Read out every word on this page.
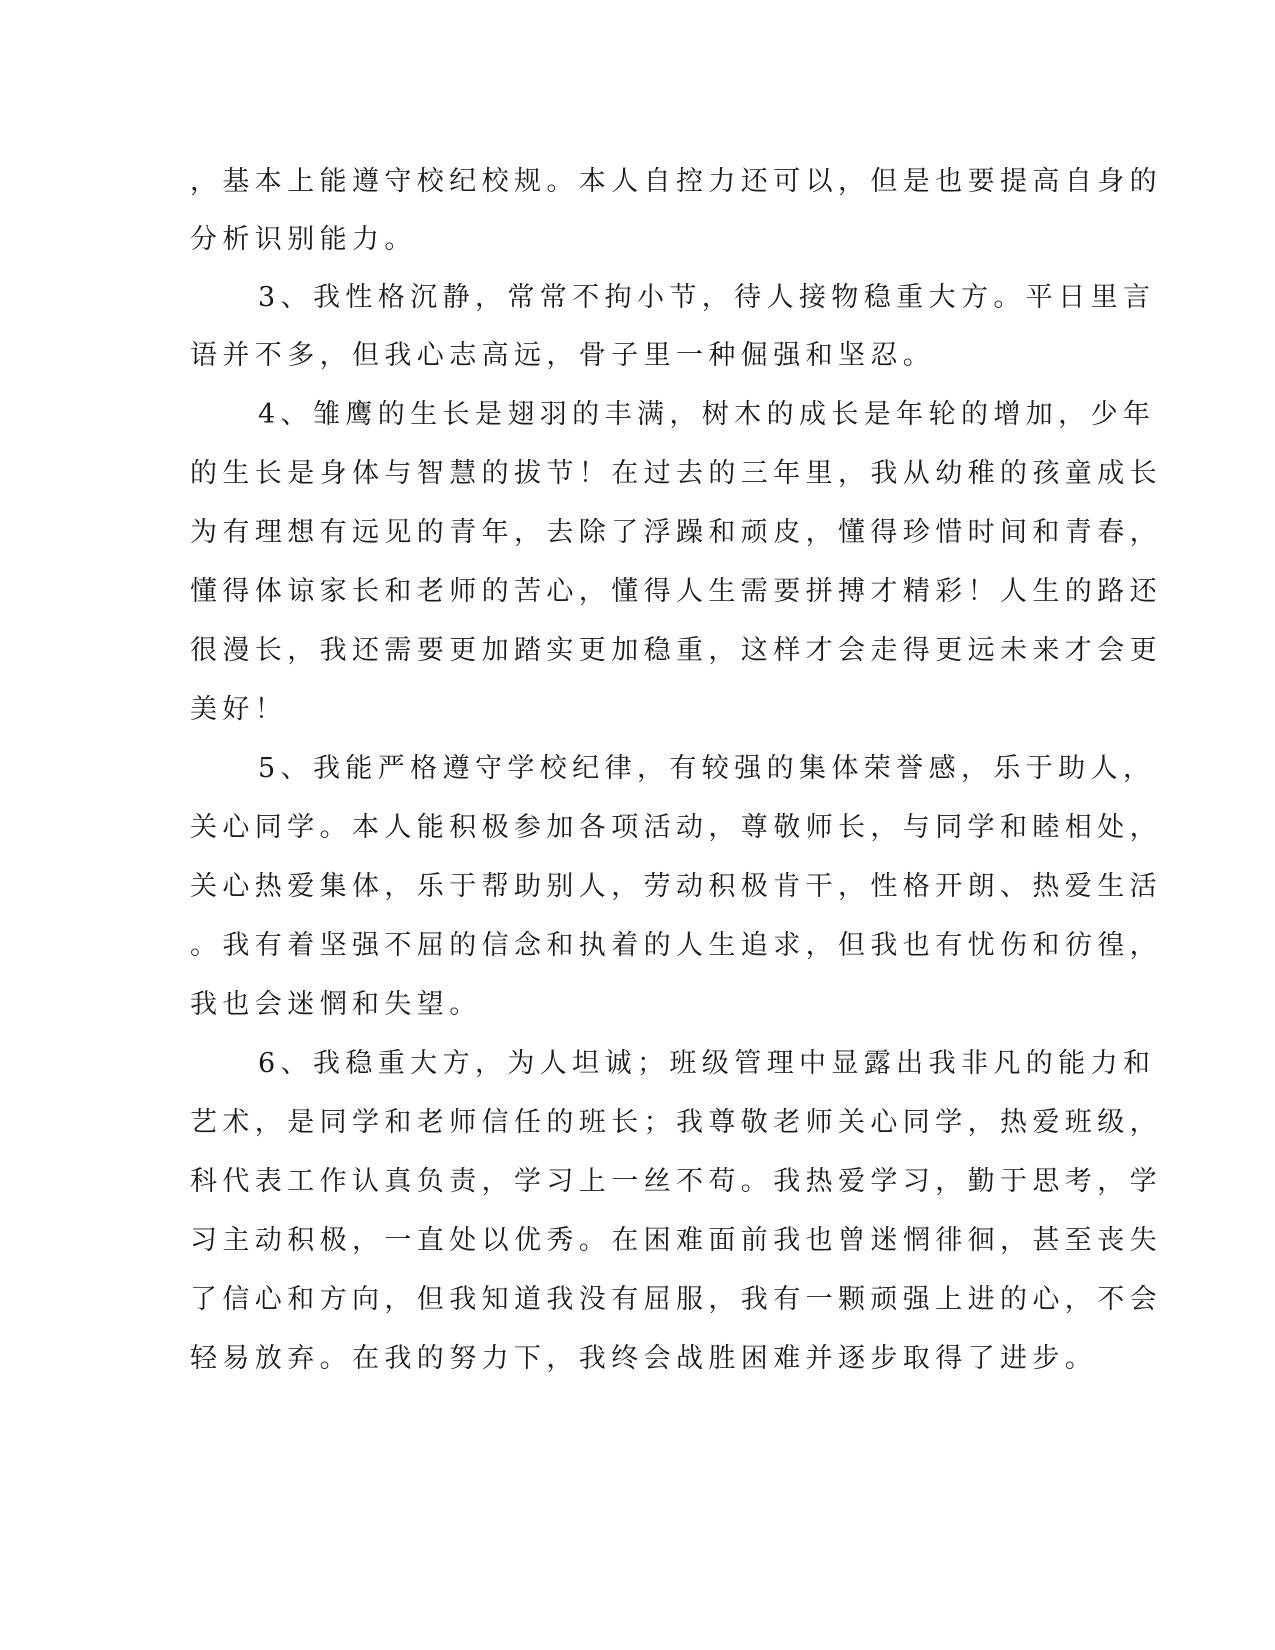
，基本上能遵守校纪校规。本人自控力还可以，但是也要提高自身的

分析识别能力。

3、我性格沉静，常常不拘小节，待人接物稳重大方。平日里言

语并不多，但我心志高远，骨子里一种倔强和坚忍。

4、雏鹰的生长是翅羽的丰满，树木的成长是年轮的增加，少年

的生长是身体与智慧的拔节！在过去的三年里，我从幼稚的孩童成长

为有理想有远见的青年，去除了浮躁和顽皮，懂得珍惜时间和青春，

懂得体谅家长和老师的苦心，懂得人生需要拼搏才精彩！人生的路还

很漫长，我还需要更加踏实更加稳重，这样才会走得更远未来才会更

美好！

5、我能严格遵守学校纪律，有较强的集体荣誉感，乐于助人，

关心同学。本人能积极参加各项活动，尊敬师长，与同学和睦相处，

关心热爱集体，乐于帮助别人，劳动积极肯干，性格开朗、热爱生活

。我有着坚强不屈的信念和执着的人生追求，但我也有忧伤和彷徨，

我也会迷惘和失望。

6、我稳重大方，为人坦诚；班级管理中显露出我非凡的能力和

艺术，是同学和老师信任的班长；我尊敬老师关心同学，热爱班级，

科代表工作认真负责，学习上一丝不苟。我热爱学习，勤于思考，学

习主动积极，一直处以优秀。在困难面前我也曾迷惘徘徊，甚至丧失

了信心和方向，但我知道我没有屈服，我有一颗顽强上进的心，不会

轻易放弃。在我的努力下，我终会战胜困难并逐步取得了进步。
